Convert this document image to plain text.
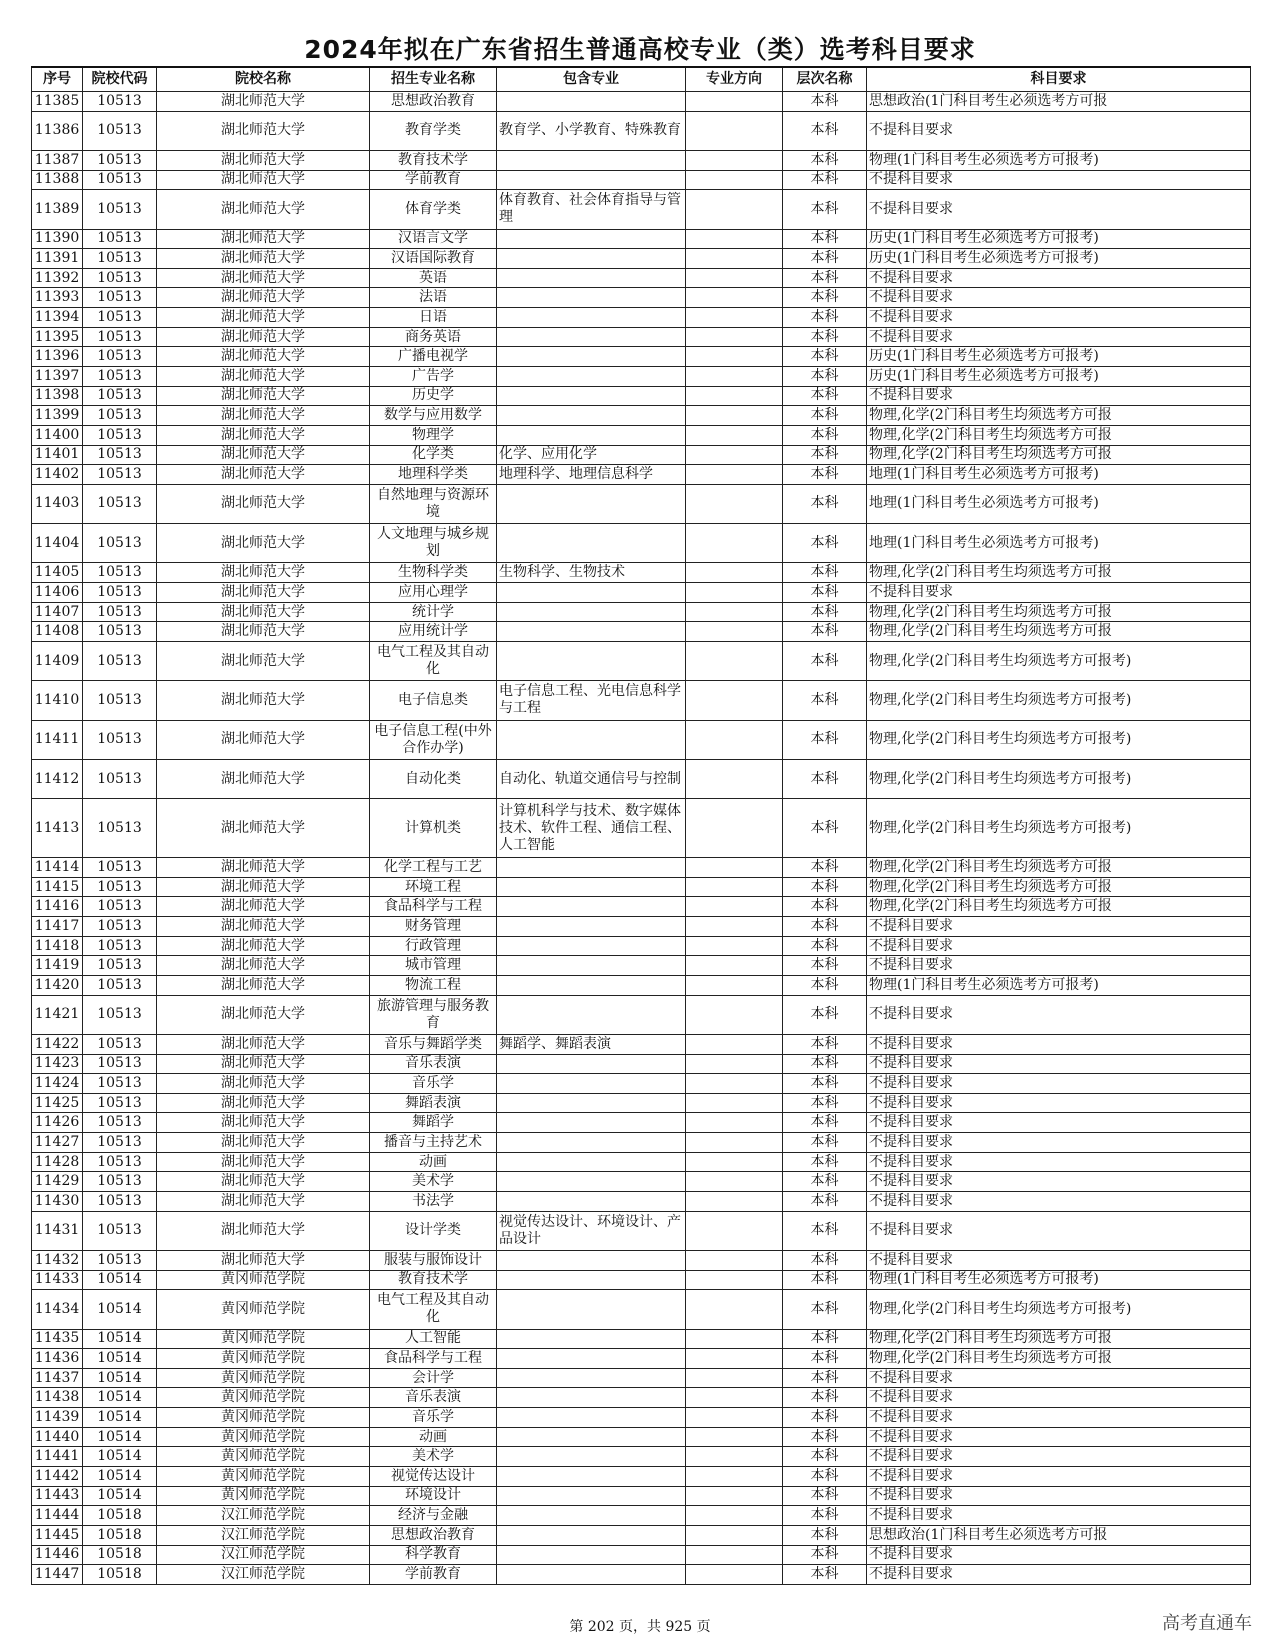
2024年拟在广东省招生普通高校专业（类）选考科目要求
序号	院校代码	院校名称	招生专业名称	包含专业	专业方向	层次名称	科目要求
11385	10513	湖北师范大学	思想政治教育			本科	思想政治(1门科目考生必须选考方可报
11386	10513	湖北师范大学	教育学类	教育学、小学教育、特殊教育		本科	不提科目要求
11387	10513	湖北师范大学	教育技术学			本科	物理(1门科目考生必须选考方可报考)
11388	10513	湖北师范大学	学前教育			本科	不提科目要求
11389	10513	湖北师范大学	体育学类	体育教育、社会体育指导与管理		本科	不提科目要求
11390	10513	湖北师范大学	汉语言文学			本科	历史(1门科目考生必须选考方可报考)
11391	10513	湖北师范大学	汉语国际教育			本科	历史(1门科目考生必须选考方可报考)
11392	10513	湖北师范大学	英语			本科	不提科目要求
11393	10513	湖北师范大学	法语			本科	不提科目要求
11394	10513	湖北师范大学	日语			本科	不提科目要求
11395	10513	湖北师范大学	商务英语			本科	不提科目要求
11396	10513	湖北师范大学	广播电视学			本科	历史(1门科目考生必须选考方可报考)
11397	10513	湖北师范大学	广告学			本科	历史(1门科目考生必须选考方可报考)
11398	10513	湖北师范大学	历史学			本科	不提科目要求
11399	10513	湖北师范大学	数学与应用数学			本科	物理,化学(2门科目考生均须选考方可报
11400	10513	湖北师范大学	物理学			本科	物理,化学(2门科目考生均须选考方可报
11401	10513	湖北师范大学	化学类	化学、应用化学		本科	物理,化学(2门科目考生均须选考方可报
11402	10513	湖北师范大学	地理科学类	地理科学、地理信息科学		本科	地理(1门科目考生必须选考方可报考)
11403	10513	湖北师范大学	自然地理与资源环境			本科	地理(1门科目考生必须选考方可报考)
11404	10513	湖北师范大学	人文地理与城乡规划			本科	地理(1门科目考生必须选考方可报考)
11405	10513	湖北师范大学	生物科学类	生物科学、生物技术		本科	物理,化学(2门科目考生均须选考方可报
11406	10513	湖北师范大学	应用心理学			本科	不提科目要求
11407	10513	湖北师范大学	统计学			本科	物理,化学(2门科目考生均须选考方可报
11408	10513	湖北师范大学	应用统计学			本科	物理,化学(2门科目考生均须选考方可报
11409	10513	湖北师范大学	电气工程及其自动化			本科	物理,化学(2门科目考生均须选考方可报考)
11410	10513	湖北师范大学	电子信息类	电子信息工程、光电信息科学与工程		本科	物理,化学(2门科目考生均须选考方可报考)
11411	10513	湖北师范大学	电子信息工程(中外合作办学)			本科	物理,化学(2门科目考生均须选考方可报考)
11412	10513	湖北师范大学	自动化类	自动化、轨道交通信号与控制		本科	物理,化学(2门科目考生均须选考方可报考)
11413	10513	湖北师范大学	计算机类	计算机科学与技术、数字媒体技术、软件工程、通信工程、人工智能		本科	物理,化学(2门科目考生均须选考方可报考)
11414	10513	湖北师范大学	化学工程与工艺			本科	物理,化学(2门科目考生均须选考方可报
11415	10513	湖北师范大学	环境工程			本科	物理,化学(2门科目考生均须选考方可报
11416	10513	湖北师范大学	食品科学与工程			本科	物理,化学(2门科目考生均须选考方可报
11417	10513	湖北师范大学	财务管理			本科	不提科目要求
11418	10513	湖北师范大学	行政管理			本科	不提科目要求
11419	10513	湖北师范大学	城市管理			本科	不提科目要求
11420	10513	湖北师范大学	物流工程			本科	物理(1门科目考生必须选考方可报考)
11421	10513	湖北师范大学	旅游管理与服务教育			本科	不提科目要求
11422	10513	湖北师范大学	音乐与舞蹈学类	舞蹈学、舞蹈表演		本科	不提科目要求
11423	10513	湖北师范大学	音乐表演			本科	不提科目要求
11424	10513	湖北师范大学	音乐学			本科	不提科目要求
11425	10513	湖北师范大学	舞蹈表演			本科	不提科目要求
11426	10513	湖北师范大学	舞蹈学			本科	不提科目要求
11427	10513	湖北师范大学	播音与主持艺术			本科	不提科目要求
11428	10513	湖北师范大学	动画			本科	不提科目要求
11429	10513	湖北师范大学	美术学			本科	不提科目要求
11430	10513	湖北师范大学	书法学			本科	不提科目要求
11431	10513	湖北师范大学	设计学类	视觉传达设计、环境设计、产品设计		本科	不提科目要求
11432	10513	湖北师范大学	服装与服饰设计			本科	不提科目要求
11433	10514	黄冈师范学院	教育技术学			本科	物理(1门科目考生必须选考方可报考)
11434	10514	黄冈师范学院	电气工程及其自动化			本科	物理,化学(2门科目考生均须选考方可报考)
11435	10514	黄冈师范学院	人工智能			本科	物理,化学(2门科目考生均须选考方可报
11436	10514	黄冈师范学院	食品科学与工程			本科	物理,化学(2门科目考生均须选考方可报
11437	10514	黄冈师范学院	会计学			本科	不提科目要求
11438	10514	黄冈师范学院	音乐表演			本科	不提科目要求
11439	10514	黄冈师范学院	音乐学			本科	不提科目要求
11440	10514	黄冈师范学院	动画			本科	不提科目要求
11441	10514	黄冈师范学院	美术学			本科	不提科目要求
11442	10514	黄冈师范学院	视觉传达设计			本科	不提科目要求
11443	10514	黄冈师范学院	环境设计			本科	不提科目要求
11444	10518	汉江师范学院	经济与金融			本科	不提科目要求
11445	10518	汉江师范学院	思想政治教育			本科	思想政治(1门科目考生必须选考方可报
11446	10518	汉江师范学院	科学教育			本科	不提科目要求
11447	10518	汉江师范学院	学前教育			本科	不提科目要求
第 202 页，共 925 页	高考直通车
